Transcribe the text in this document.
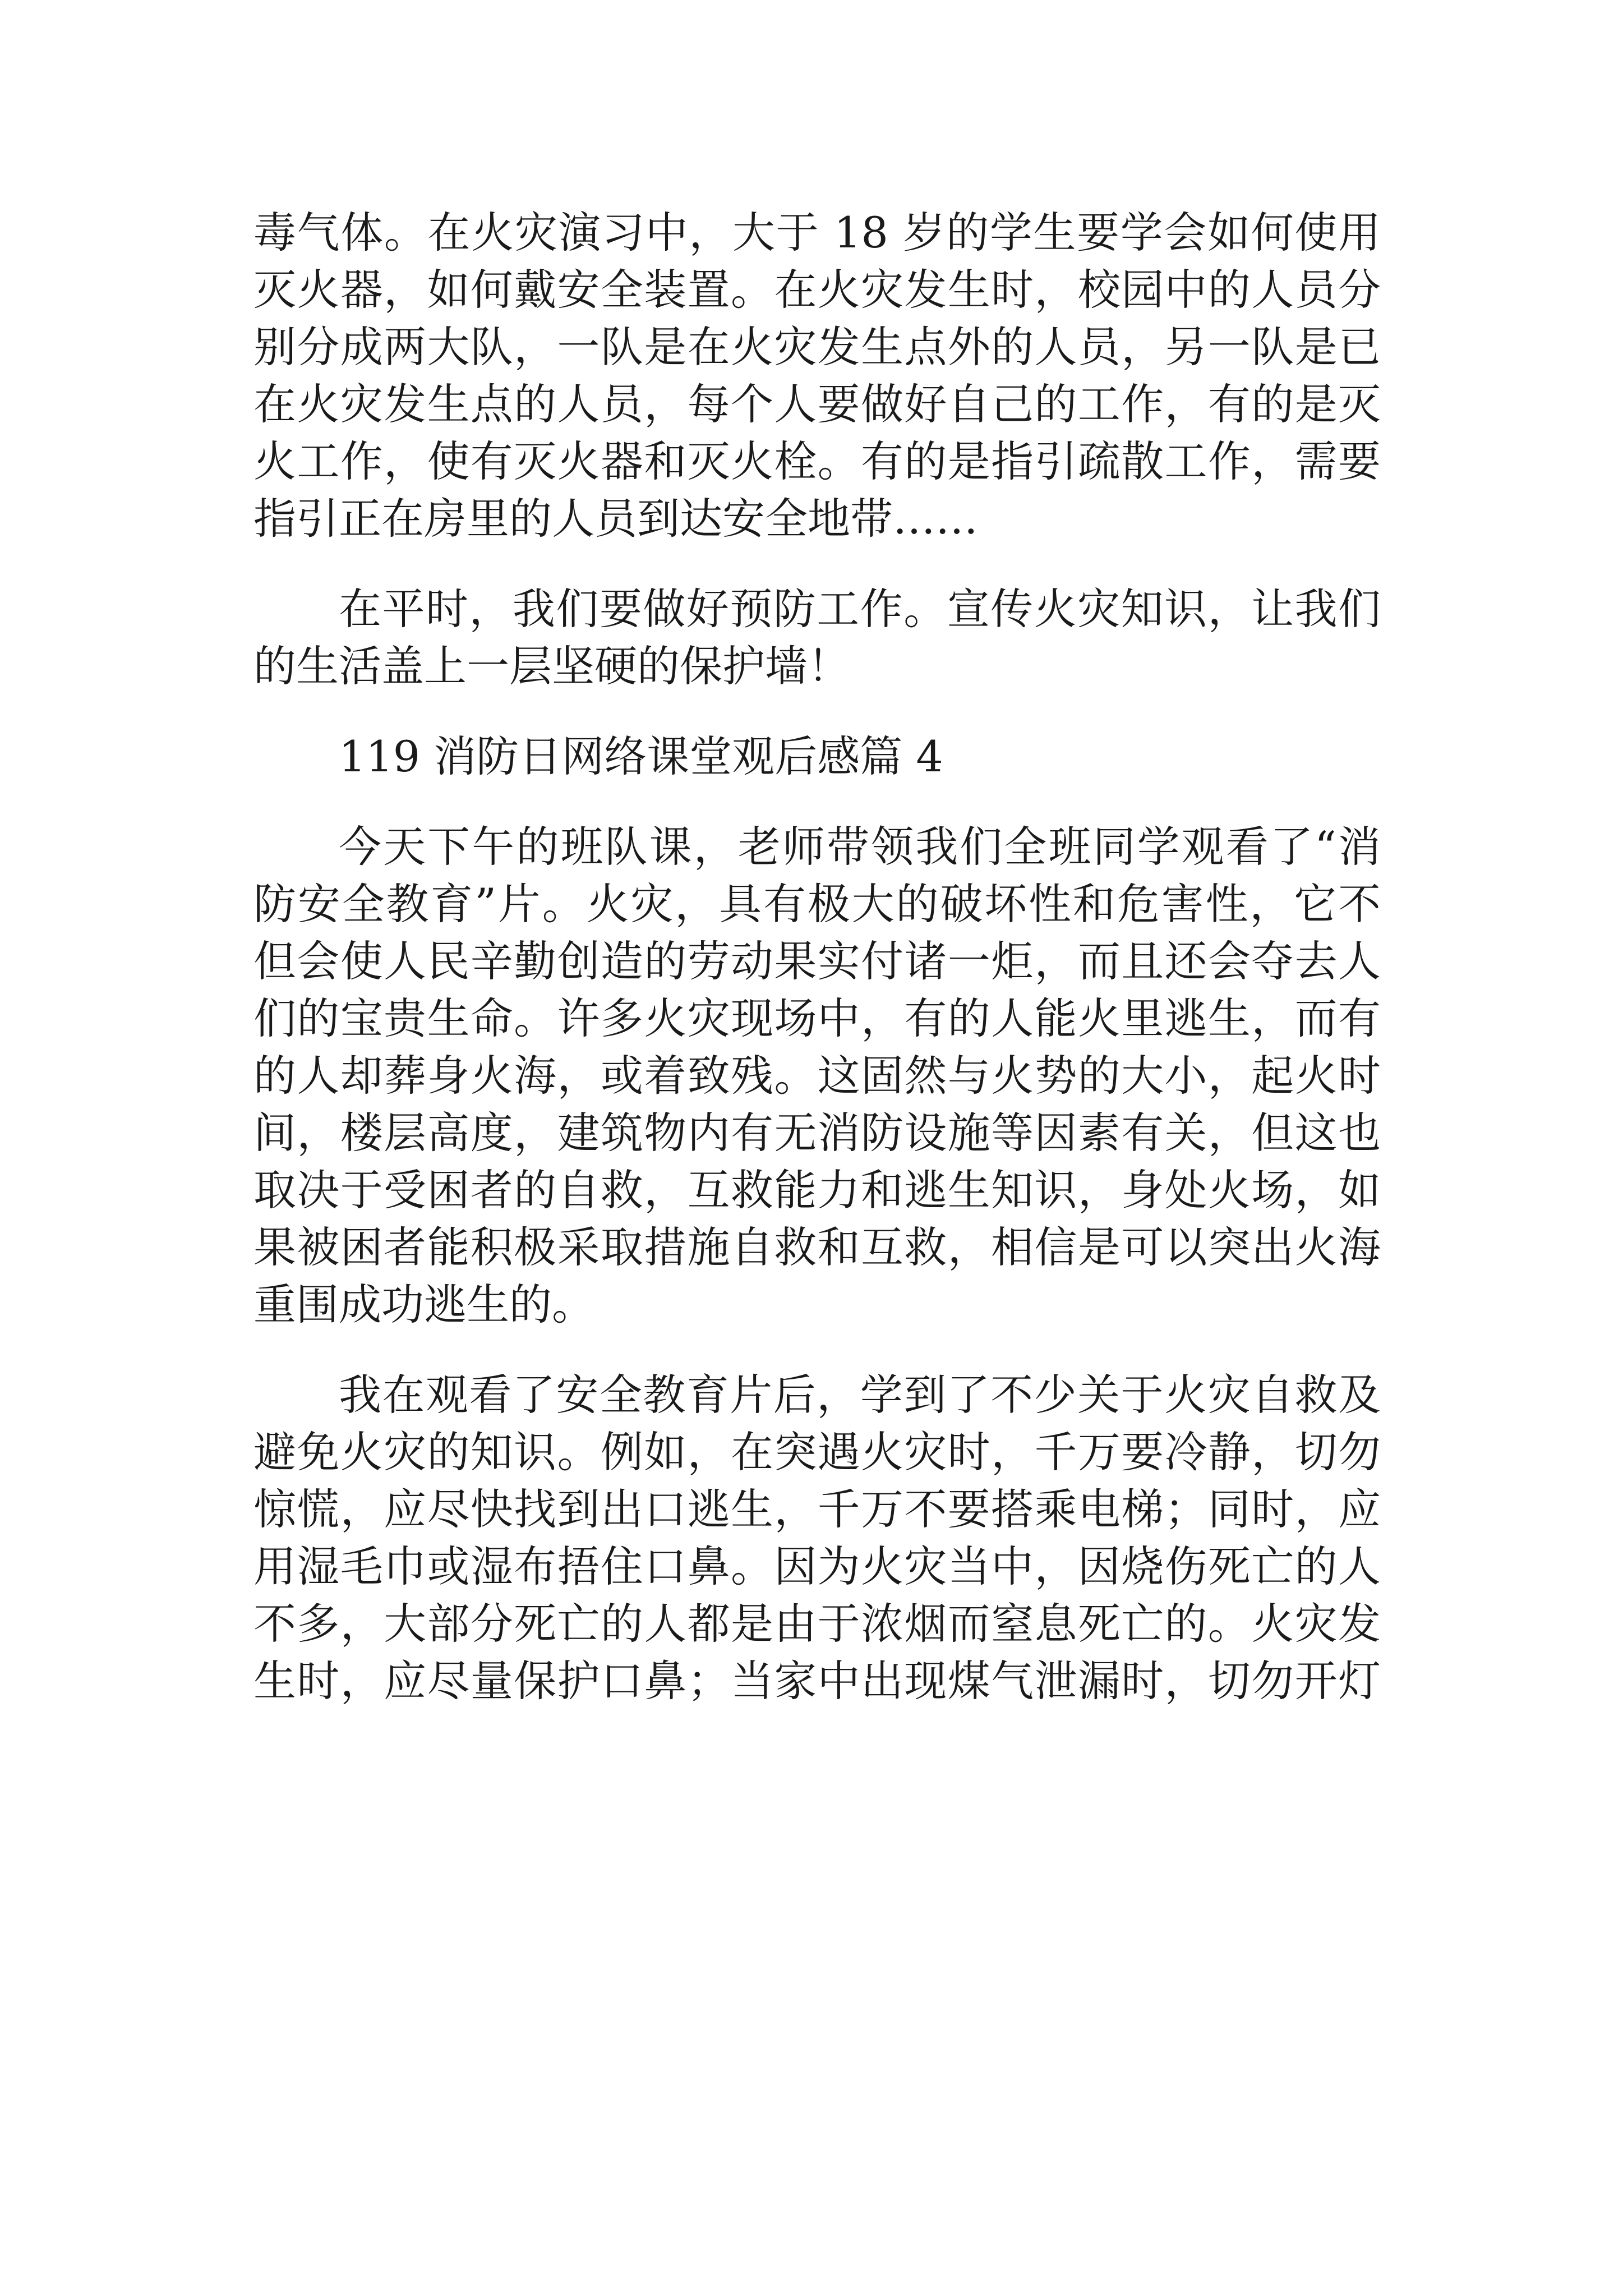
毒气体。在火灾演习中，大于 18 岁的学生要学会如何使用
灭火器，如何戴安全装置。在火灾发生时，校园中的人员分
别分成两大队，一队是在火灾发生点外的人员，另一队是已
在火灾发生点的人员，每个人要做好自己的工作，有的是灭
火工作，使有灭火器和灭火栓。有的是指引疏散工作，需要
指引正在房里的人员到达安全地带……
在平时，我们要做好预防工作。宣传火灾知识，让我们
的生活盖上一层坚硬的保护墙！
119 消防日网络课堂观后感篇 4
今天下午的班队课，老师带领我们全班同学观看了“消
防安全教育”片。火灾，具有极大的破坏性和危害性，它不
但会使人民辛勤创造的劳动果实付诸一炬，而且还会夺去人
们的宝贵生命。许多火灾现场中，有的人能火里逃生，而有
的人却葬身火海，或着致残。这固然与火势的大小，起火时
间，楼层高度，建筑物内有无消防设施等因素有关，但这也
取决于受困者的自救，互救能力和逃生知识，身处火场，如
果被困者能积极采取措施自救和互救，相信是可以突出火海
重围成功逃生的。
我在观看了安全教育片后，学到了不少关于火灾自救及
避免火灾的知识。例如，在突遇火灾时，千万要冷静，切勿
惊慌，应尽快找到出口逃生，千万不要搭乘电梯；同时，应
用湿毛巾或湿布捂住口鼻。因为火灾当中，因烧伤死亡的人
不多，大部分死亡的人都是由于浓烟而窒息死亡的。火灾发
生时，应尽量保护口鼻；当家中出现煤气泄漏时，切勿开灯
